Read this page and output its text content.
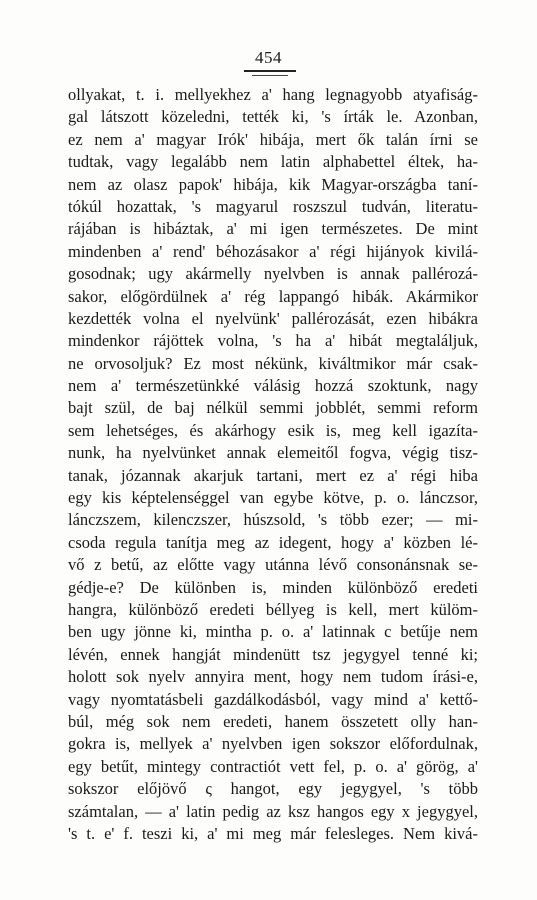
454
ollyakat, t. i. mellyekhez a' hang legnagyobb atyafiság-
gal látszott közeledni, tették ki, 's írták le. Azonban,
ez nem a' magyar Irók' hibája, mert ők talán írni se
tudtak, vagy legalább nem latin alphabettel éltek, ha-
nem az olasz papok' hibája, kik Magyar-országba taní-
tókúl hozattak, 's magyarul roszszul tudván, literatu-
rájában is hibáztak, a' mi igen természetes. De mint
mindenben a' rend' béhozásakor a' régi hijányok kivilá-
gosodnak; ugy akármelly nyelvben is annak pallérozá-
sakor, előgördülnek a' rég lappangó hibák. Akármikor
kezdették volna el nyelvünk' pallérozását, ezen hibákra
mindenkor rájöttek volna, 's ha a' hibát megtaláljuk,
ne orvosoljuk? Ez most nékünk, kiváltmikor már csak-
nem a' természetünkké válásig hozzá szoktunk, nagy
bajt szül, de baj nélkül semmi jobblét, semmi reform
sem lehetséges, és akárhogy esik is, meg kell igazíta-
nunk, ha nyelvünket annak elemeitől fogva, végig tisz-
tanak, józannak akarjuk tartani, mert ez a' régi hiba
egy kis képtelenséggel van egybe kötve, p. o. lánczsor,
lánczszem, kilenczszer, húszsold, 's több ezer; — mi-
csoda regula tanítja meg az idegent, hogy a' közben lé-
vő z betű, az előtte vagy utánna lévő consonánsnak se-
gédje-e? De különben is, minden különböző eredeti
hangra, különböző eredeti béllyeg is kell, mert külöm-
ben ugy jönne ki, mintha p. o. a' latinnak c betűje nem
lévén, ennek hangját mindenütt tsz jegygyel tenné ki;
holott sok nyelv annyira ment, hogy nem tudom írási-e,
vagy nyomtatásbeli gazdálkodásból, vagy mind a' kettő-
búl, még sok nem eredeti, hanem összetett olly han-
gokra is, mellyek a' nyelvben igen sokszor előfordulnak,
egy betűt, mintegy contractiót vett fel, p. o. a' görög, a'
sokszor előjövő ς hangot, egy jegygyel, 's több
számtalan, — a' latin pedig az ksz hangos egy x jegygyel,
's t. e' f. teszi ki, a' mi meg már felesleges. Nem kivá-
